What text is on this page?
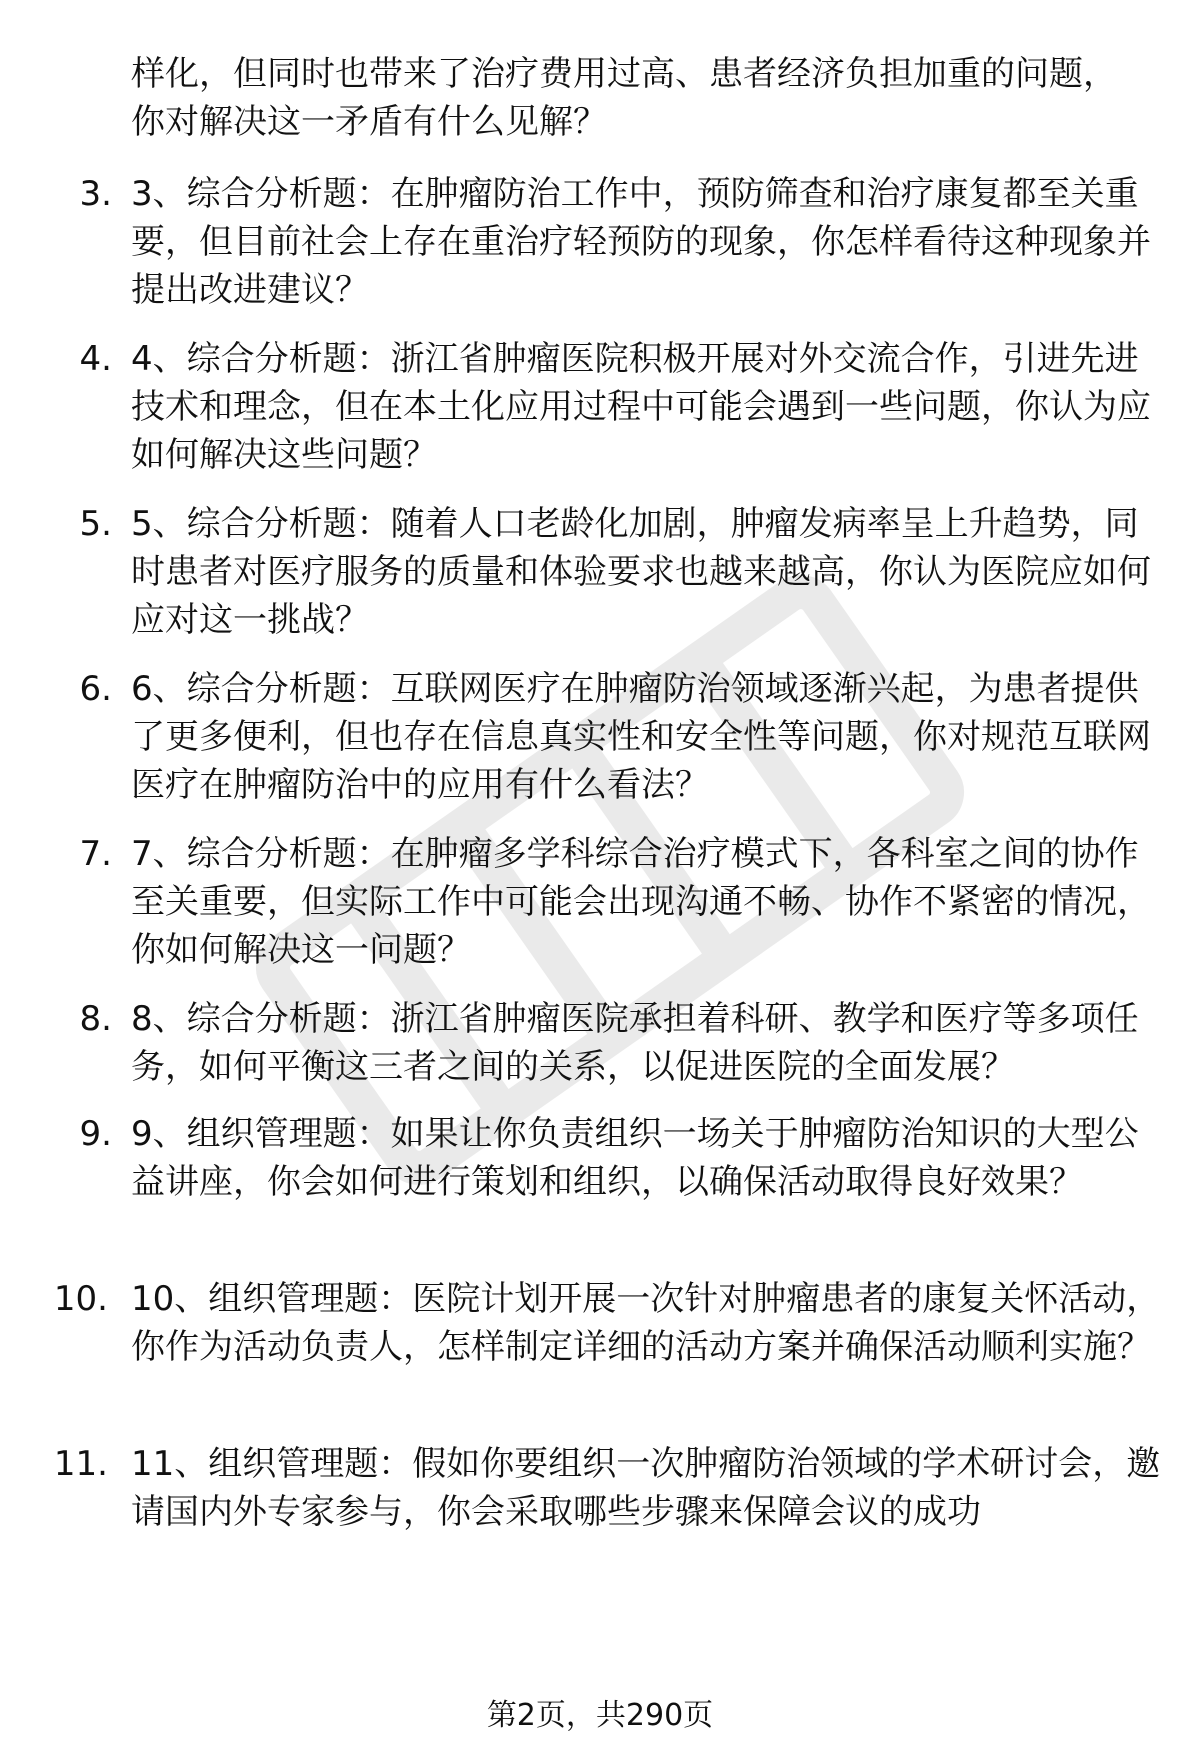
样化，但同时也带来了治疗费用过高、患者经济负担加重的问题，你对解决这一矛盾有什么见解？
3. 3、综合分析题：在肿瘤防治工作中，预防筛查和治疗康复都至关重要，但目前社会上存在重治疗轻预防的现象，你怎样看待这种现象并提出改进建议？
4. 4、综合分析题：浙江省肿瘤医院积极开展对外交流合作，引进先进技术和理念，但在本土化应用过程中可能会遇到一些问题，你认为应如何解决这些问题？
5. 5、综合分析题：随着人口老龄化加剧，肿瘤发病率呈上升趋势，同时患者对医疗服务的质量和体验要求也越来越高，你认为医院应如何应对这一挑战？
6. 6、综合分析题：互联网医疗在肿瘤防治领域逐渐兴起，为患者提供了更多便利，但也存在信息真实性和安全性等问题，你对规范互联网医疗在肿瘤防治中的应用有什么看法？
7. 7、综合分析题：在肿瘤多学科综合治疗模式下，各科室之间的协作至关重要，但实际工作中可能会出现沟通不畅、协作不紧密的情况，你如何解决这一问题？
8. 8、综合分析题：浙江省肿瘤医院承担着科研、教学和医疗等多项任务，如何平衡这三者之间的关系，以促进医院的全面发展？
9. 9、组织管理题：如果让你负责组织一场关于肿瘤防治知识的大型公益讲座，你会如何进行策划和组织，以确保活动取得良好效果？
10. 10、组织管理题：医院计划开展一次针对肿瘤患者的康复关怀活动，你作为活动负责人，怎样制定详细的活动方案并确保活动顺利实施？
11. 11、组织管理题：假如你要组织一次肿瘤防治领域的学术研讨会，邀请国内外专家参与，你会采取哪些步骤来保障会议的成功
第2页，共290页
